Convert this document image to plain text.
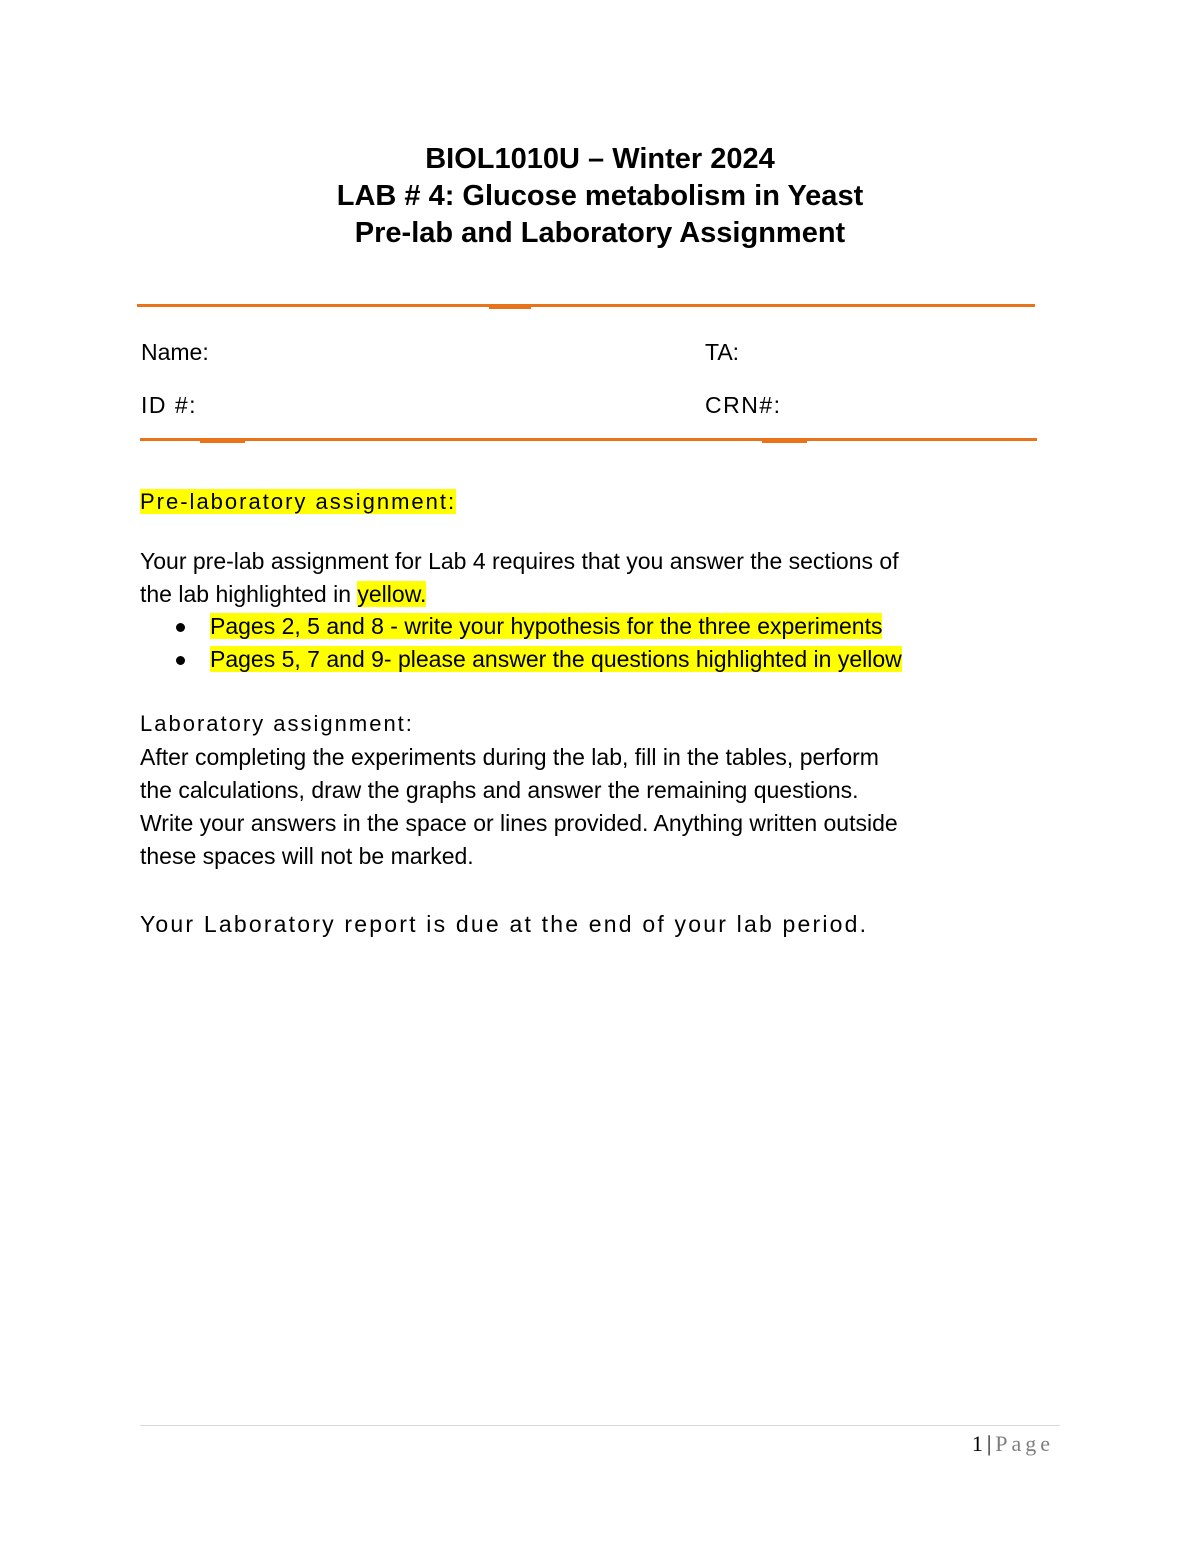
BIOL1010U – Winter 2024
LAB # 4: Glucose metabolism in Yeast
Pre-lab and Laboratory Assignment
Name:	TA:
ID #:	CRN#:
Pre-laboratory assignment:
Your pre-lab assignment for Lab 4 requires that you answer the sections of
the lab highlighted in yellow.
Pages 2, 5 and 8 - write your hypothesis for the three experiments
Pages 5, 7 and 9- please answer the questions highlighted in yellow
Laboratory assignment:
After completing the experiments during the lab, fill in the tables, perform
the calculations, draw the graphs and answer the remaining questions.
Write your answers in the space or lines provided. Anything written outside
these spaces will not be marked.
Your Laboratory report is due at the end of your lab period.
1 | Page
